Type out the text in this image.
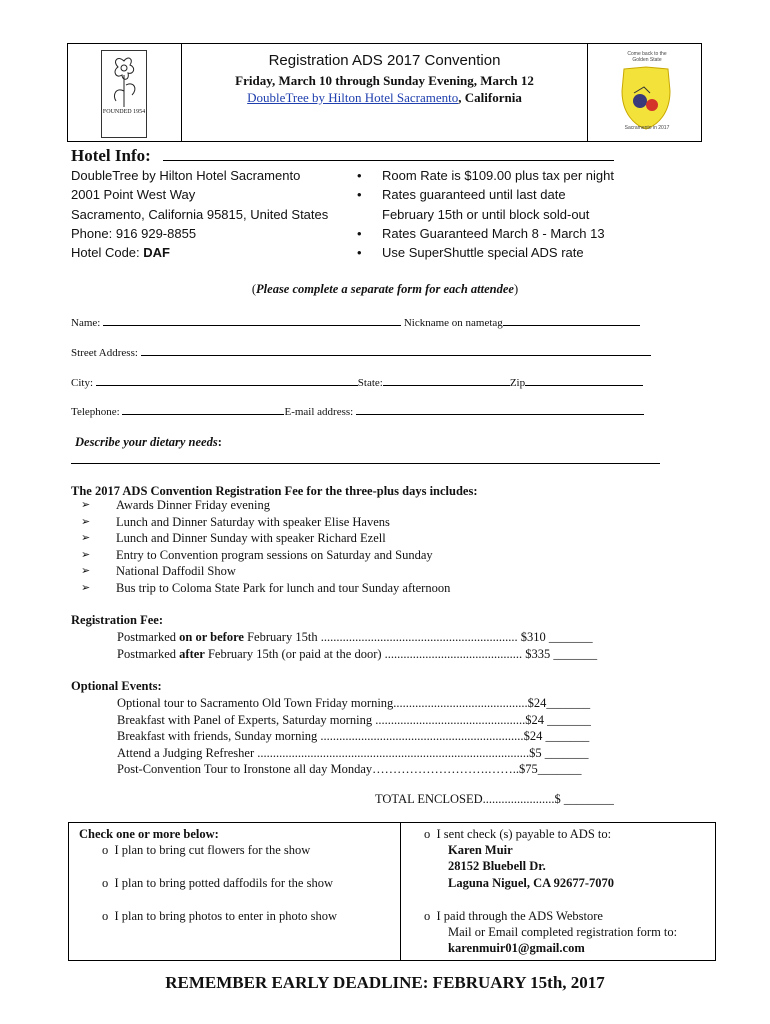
FOUNDED 1954
Registration ADS 2017 Convention
Friday, March 10 through Sunday Evening, March 12
DoubleTree by Hilton Hotel Sacramento, California
Come back to the Golden State
Sacramento in 2017
Hotel Info:
DoubleTree by Hilton Hotel Sacramento
2001 Point West Way
Sacramento, California 95815, United States
Phone: 916 929-8855
Hotel Code: DAF
• Room Rate is $109.00 plus tax per night
• Rates guaranteed until last date
February 15th or until block sold-out
• Rates Guaranteed March 8 - March 13
• Use SuperShuttle special ADS rate
(Please complete a separate form for each attendee)
Name:	Nickname on nametag
Street Address:
City:	State:	Zip
Telephone:	E-mail address:
Describe your dietary needs:
The 2017 ADS Convention Registration Fee for the three-plus days includes:
➢ Awards Dinner Friday evening
➢ Lunch and Dinner Saturday with speaker Elise Havens
➢ Lunch and Dinner Sunday with speaker Richard Ezell
➢ Entry to Convention program sessions on Saturday and Sunday
➢ National Daffodil Show
➢ Bus trip to Coloma State Park for lunch and tour Sunday afternoon
Registration Fee:
Postmarked on or before February 15th ............................................................... $310 _______
Postmarked after February 15th (or paid at the door) ............................................ $335 _______
Optional Events:
Optional tour to Sacramento Old Town Friday morning...........................................$24_______
Breakfast with Panel of Experts, Saturday morning ................................................$24 _______
Breakfast with friends, Sunday morning .................................................................$24 _______
Attend a Judging Refresher .......................................................................................$5 _______
Post-Convention Tour to Ironstone all day Monday……………………….……..$75_______
TOTAL ENCLOSED.......................$ ________
Check one or more below:
o I plan to bring cut flowers for the show
o I plan to bring potted daffodils for the show
o I plan to bring photos to enter in photo show
o I sent check (s) payable to ADS to:
Karen Muir
28152 Bluebell Dr.
Laguna Niguel, CA 92677-7070
o I paid through the ADS Webstore
Mail or Email completed registration form to:
karenmuir01@gmail.com
REMEMBER EARLY DEADLINE: FEBRUARY 15th, 2017
